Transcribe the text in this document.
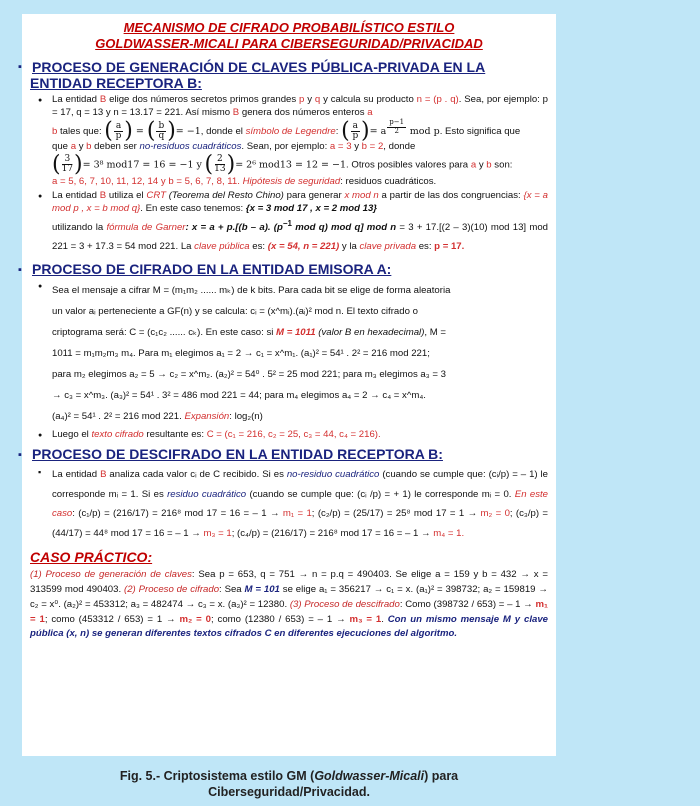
MECANISMO DE CIFRADO PROBABILÍSTICO ESTILO
GOLDWASSER-MICALI PARA CIBERSEGURIDAD/PRIVACIDAD
▪ PROCESO DE GENERACIÓN DE CLAVES PÚBLICA-PRIVADA EN LA ENTIDAD RECEPTORA B:
● La entidad B elige dos números secretos primos grandes p y q y calcula su producto n = (p . q). Sea, por ejemplo: p = 17, q = 13 y n = 13.17 = 221. Así mismo B genera dos números enteros a
b tales que: ( $\frac{a}{p}$ ) = ( $\frac{b}{q}$ )= −1, donde el símbolo de Legendre: ( $\frac{a}{p}$ )= a $^{\frac{p-1}{2}}$ mod p. Esto significa que
que a y b deben ser no-residuos cuadráticos. Sean, por ejemplo: a = 3 y b = 2, donde
( $\frac{3}{17}$ )= 3⁸ mod17 = 16 = −1 y ( $\frac{2}{13}$ )= 2⁶ mod13 = 12 = −1. Otros posibles valores para a y b son:
a = 5, 6, 7, 10, 11, 12, 14 y b = 5, 6, 7, 8, 11. Hipótesis de seguridad: residuos cuadráticos.
● La entidad B utiliza el CRT (Teorema del Resto Chino) para generar x mod n a partir de las dos congruencias: {x = a mod p , x = b mod q}. En este caso tenemos: {x = 3 mod 17 , x = 2 mod 13}
utilizando la fórmula de Garner: x = a + p.[(b – a). ($p^{-1}$ mod q) mod q] mod n = 3 + 17.[(2 – 3)(10) mod 13] mod 221 = 3 + 17.3 = 54 mod 221. La clave pública es: (x = 54, n = 221) y la clave privada es: p = 17.
▪ PROCESO DE CIFRADO EN LA ENTIDAD EMISORA A:
● Sea el mensaje a cifrar M = (m₁m₂ ...... mₖ) de k bits. Para cada bit se elige de forma aleatoria
un valor aᵢ perteneciente a GF(n) y se calcula: cᵢ = (x^mᵢ).(aᵢ)² mod n. El texto cifrado o
criptograma será: C = (c₁c₂ ...... cₖ). En este caso: si M = 1011 (valor B en hexadecimal), M =
1011 = m₁m₂m₃ m₄. Para m₁ elegimos a₁ = 2 → c₁ = x^m₁. (a₁)² = 54¹ . 2² = 216 mod 221;
para m₂ elegimos a₂ = 5 → c₂ = x^m₂. (a₂)² = 54⁰ . 5² = 25 mod 221; para m₃ elegimos a₃ = 3
→ c₃ = x^m₃. (a₃)² = 54¹ . 3² = 486 mod 221 = 44; para m₄ elegimos a₄ = 2 → c₄ = x^m₄.
(a₄)² = 54¹ . 2² = 216 mod 221. Expansión: log₂(n)
● Luego el texto cifrado resultante es: C = (c₁ = 216, c₂ = 25, c₃ = 44, c₄ = 216).
▪ PROCESO DE DESCIFRADO EN LA ENTIDAD RECEPTORA B:
▪ La entidad B analiza cada valor cᵢ de C recibido. Si es no-residuo cuadrático (cuando se cumple que: (cᵢ/p) = – 1) le corresponde mᵢ = 1. Si es residuo cuadrático (cuando se cumple que: (cᵢ /p) = + 1) le corresponde mᵢ = 0. En este caso: (c₁/p) = (216/17) = 216⁸ mod 17 = 16 = – 1 → m₁ = 1; (c₂/p) = (25/17) = 25⁸ mod 17 = 1 → m₂ = 0; (c₃/p) = (44/17) = 44⁸ mod 17 = 16 = – 1 → m₃ = 1; (c₄/p) = (216/17) = 216⁸ mod 17 = 16 = – 1 → m₄ = 1.
CASO PRÁCTICO:
(1) Proceso de generación de claves: Sea p = 653, q = 751 → n = p.q = 490403. Se elige a = 159 y b = 432 → x = 313599 mod 490403. (2) Proceso de cifrado: Sea M = 101 se elige a₁ = 356217 → c₁ = x. (a₁)² = 398732; a₂ = 159819 → c₂ = x⁰. (a₂)² = 453312; a₃ = 482474 → c₃ = x. (a₃)² = 12380. (3) Proceso de descifrado: Como (398732 / 653) = – 1 → m₁ = 1; como (453312 / 653) = 1 → m₂ = 0; como (12380 / 653) = – 1 → m₃ = 1. Con un mismo mensaje M y clave pública (x, n) se generan diferentes textos cifrados C en diferentes ejecuciones del algoritmo.
Fig. 5.- Criptosistema estilo GM (Goldwasser-Micali) para
Ciberseguridad/Privacidad.
